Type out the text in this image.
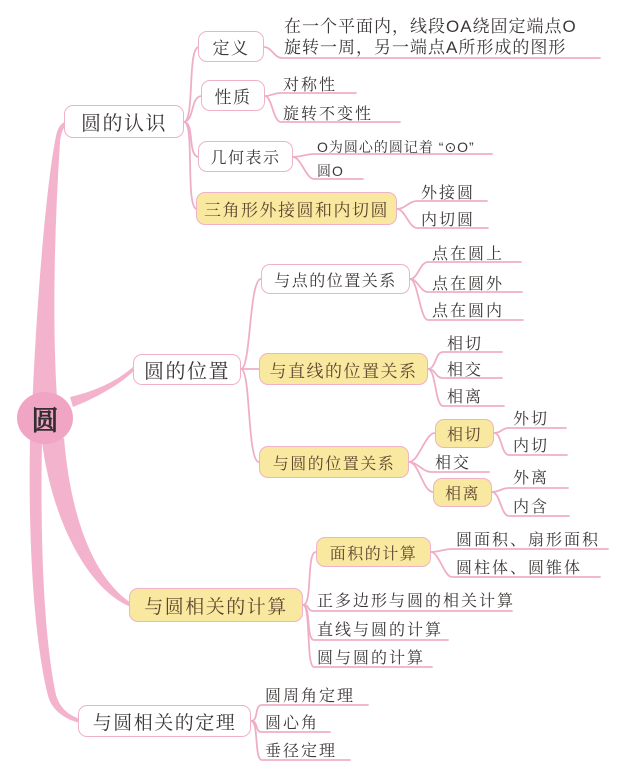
圆
圆的认识
圆的位置
与圆相关的计算
与圆相关的定理
定义
性质
几何表示
三角形外接圆和内切圆
在一个平面内，线段OA绕固定端点O
旋转一周，另一端点A所形成的图形
对称性
旋转不变性
O为圆心的圆记着 “⊙O”
圆O
外接圆
内切圆
与点的位置关系
与直线的位置关系
与圆的位置关系
相切
相离
点在圆上
点在圆外
点在圆内
相切
相交
相离
外切
内切
相交
外离
内含
面积的计算
圆面积、扇形面积
圆柱体、圆锥体
正多边形与圆的相关计算
直线与圆的计算
圆与圆的计算
圆周角定理
圆心角
垂径定理
